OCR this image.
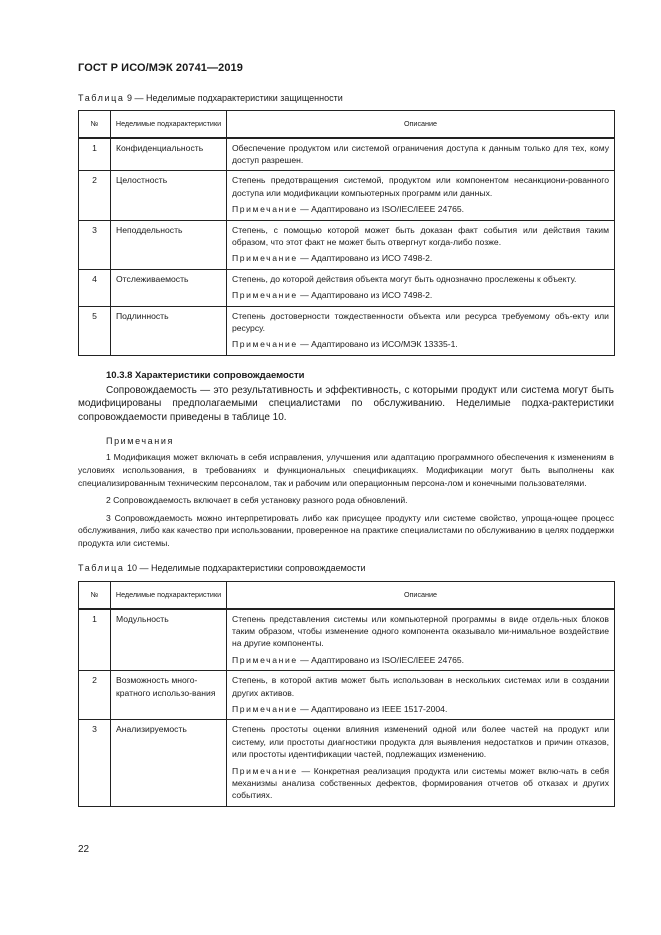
ГОСТ Р ИСО/МЭК 20741—2019
Таблица 9 — Неделимые подхарактеристики защищенности
№	Неделимые подхарактеристики	Описание
1	Конфиденциальность	Обеспечение продуктом или системой ограничения доступа к данным только для тех, кому доступ разрешен.
2	Целостность	Степень предотвращения системой, продуктом или компонентом несанкциони-рованного доступа или модификации компьютерных программ или данных.
Примечание — Адаптировано из ISO/IEC/IEEE 24765.

3	Неподдельность	Степень, с помощью которой может быть доказан факт события или действия таким образом, что этот факт не может быть отвергнут когда-либо позже.
Примечание — Адаптировано из ИСО 7498-2.

4	Отслеживаемость	Степень, до которой действия объекта могут быть однозначно прослежены к объекту.
Примечание — Адаптировано из ИСО 7498-2.

5	Подлинность	Степень достоверности тождественности объекта или ресурса требуемому объ-екту или ресурсу.
Примечание — Адаптировано из ИСО/МЭК 13335-1.

10.3.8 Характеристики сопровождаемости

Сопровождаемость — это результативность и эффективность, с которыми продукт или система могут быть модифицированы предполагаемыми специалистами по обслуживанию. Неделимые подха-рактеристики сопровождаемости приведены в таблице 10.

Примечания

1 Модификация может включать в себя исправления, улучшения или адаптацию программного обеспечения к изменениям в условиях использования, в требованиях и функциональных спецификациях. Модификации могут быть выполнены как специализированным техническим персоналом, так и рабочим или операционным персона-лом и конечными пользователями.

2 Сопровождаемость включает в себя установку разного рода обновлений.

3 Сопровождаемость можно интерпретировать либо как присущее продукту или системе свойство, упроща-ющее процесс обслуживания, либо как качество при использовании, проверенное на практике специалистами по обслуживанию в целях поддержки продукта или системы.

Таблица 10 — Неделимые подхарактеристики сопровождаемости
№	Неделимые подхарактеристики	Описание
1	Модульность	Степень представления системы или компьютерной программы в виде отдель-ных блоков таким образом, чтобы изменение одного компонента оказывало ми-нимальное воздействие на другие компоненты.
Примечание — Адаптировано из ISO/IEC/IEEE 24765.

2	Возможность много-кратного использо-вания	Степень, в которой актив может быть использован в нескольких системах или в создании других активов.
Примечание — Адаптировано из IEEE 1517-2004.

3	Анализируемость	Степень простоты оценки влияния изменений одной или более частей на продукт или систему, или простоты диагностики продукта для выявления недостатков и причин отказов, или простоты идентификации частей, подлежащих изменению.
Примечание — Конкретная реализация продукта или системы может вклю-чать в себя механизмы анализа собственных дефектов, формирования отчетов об отказах и других событиях.
22
